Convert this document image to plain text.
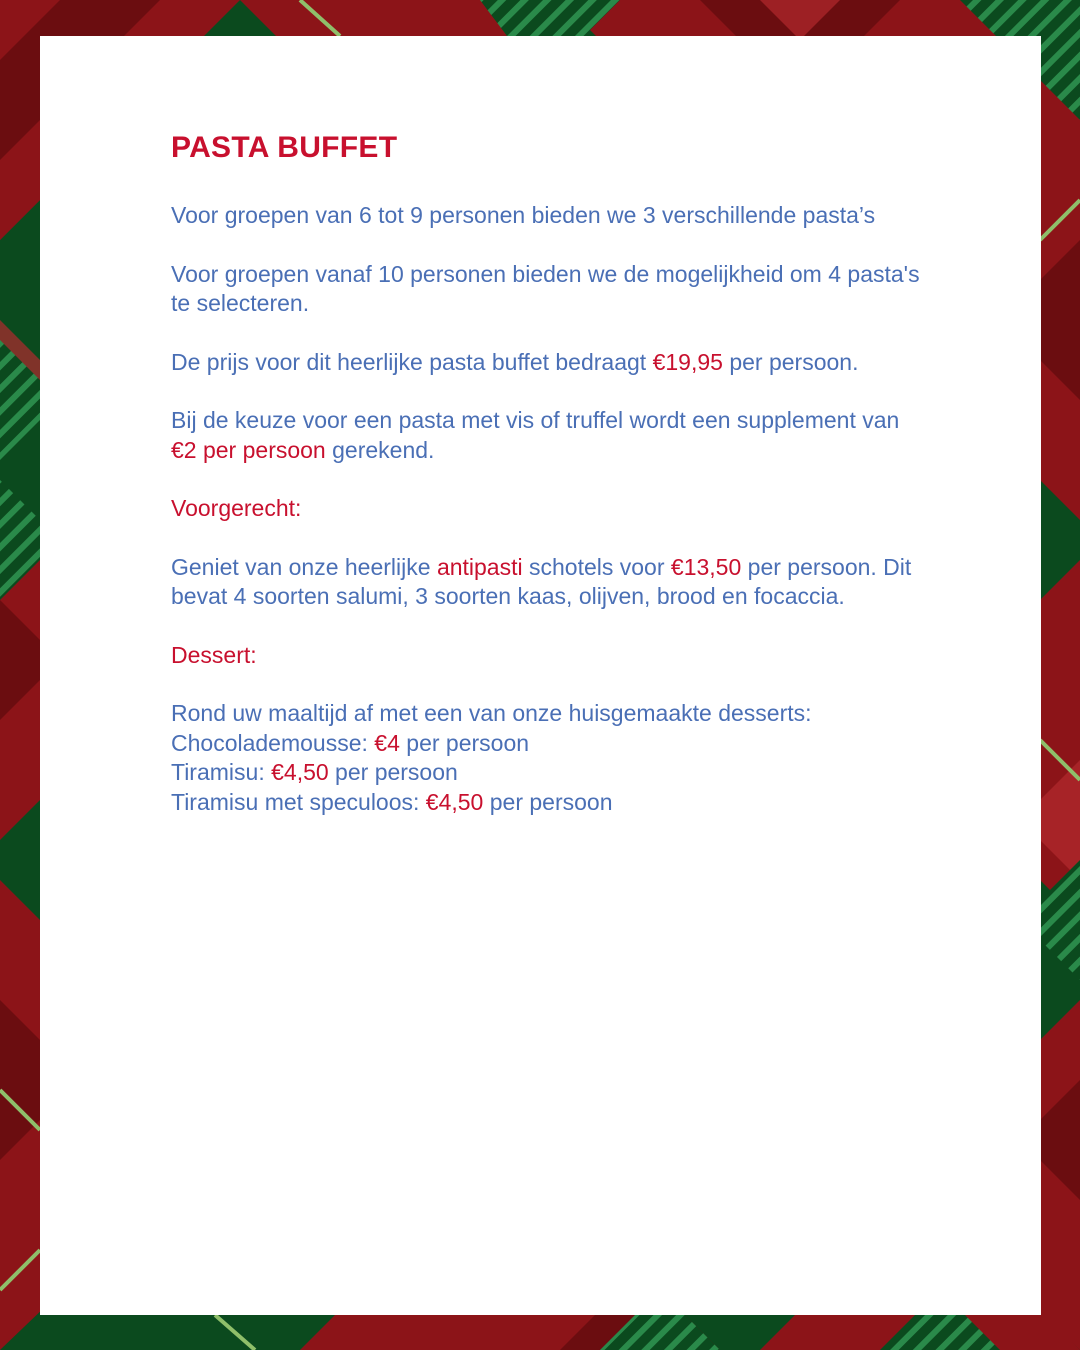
PASTA BUFFET

Voor groepen van 6 tot 9 personen bieden we 3 verschillende pasta’s

Voor groepen vanaf 10 personen bieden we de mogelijkheid om 4 pasta's te selecteren.

De prijs voor dit heerlijke pasta buffet bedraagt €19,95 per persoon.

Bij de keuze voor een pasta met vis of truffel wordt een supplement van €2 per persoon gerekend.

Voorgerecht:

Geniet van onze heerlijke antipasti schotels voor €13,50 per persoon. Dit bevat 4 soorten salumi, 3 soorten kaas, olijven, brood en focaccia.

Dessert:

Rond uw maaltijd af met een van onze huisgemaakte desserts:
Chocolademousse: €4 per persoon
Tiramisu: €4,50 per persoon
Tiramisu met speculoos: €4,50 per persoon
